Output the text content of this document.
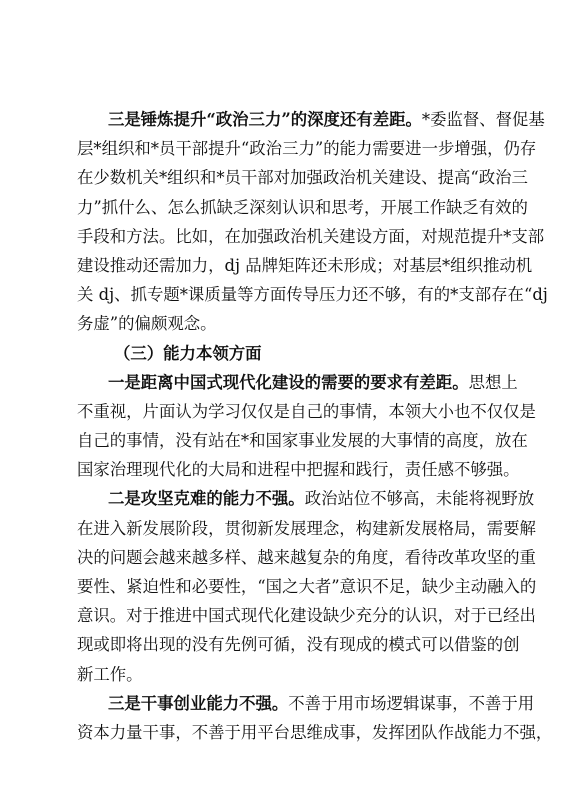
三是锤炼提升“政治三力”的深度还有差距。*委监督、督促基
层*组织和*员干部提升“政治三力”的能力需要进一步增强，仍存
在少数机关*组织和*员干部对加强政治机关建设、提高“政治三
力”抓什么、怎么抓缺乏深刻认识和思考，开展工作缺乏有效的
手段和方法。比如，在加强政治机关建设方面，对规范提升*支部
建设推动还需加力，dj 品牌矩阵还未形成；对基层*组织推动机
关 dj、抓专题*课质量等方面传导压力还不够，有的*支部存在“dj
务虚”的偏颇观念。
（三）能力本领方面
一是距离中国式现代化建设的需要的要求有差距。思想上
不重视，片面认为学习仅仅是自己的事情，本领大小也不仅仅是
自己的事情，没有站在*和国家事业发展的大事情的高度，放在
国家治理现代化的大局和进程中把握和践行，责任感不够强。
二是攻坚克难的能力不强。政治站位不够高，未能将视野放
在进入新发展阶段，贯彻新发展理念，构建新发展格局，需要解
决的问题会越来越多样、越来越复杂的角度，看待改革攻坚的重
要性、紧迫性和必要性，“国之大者”意识不足，缺少主动融入的
意识。对于推进中国式现代化建设缺少充分的认识，对于已经出
现或即将出现的没有先例可循，没有现成的模式可以借鉴的创
新工作。
三是干事创业能力不强。不善于用市场逻辑谋事，不善于用
资本力量干事，不善于用平台思维成事，发挥团队作战能力不强，
